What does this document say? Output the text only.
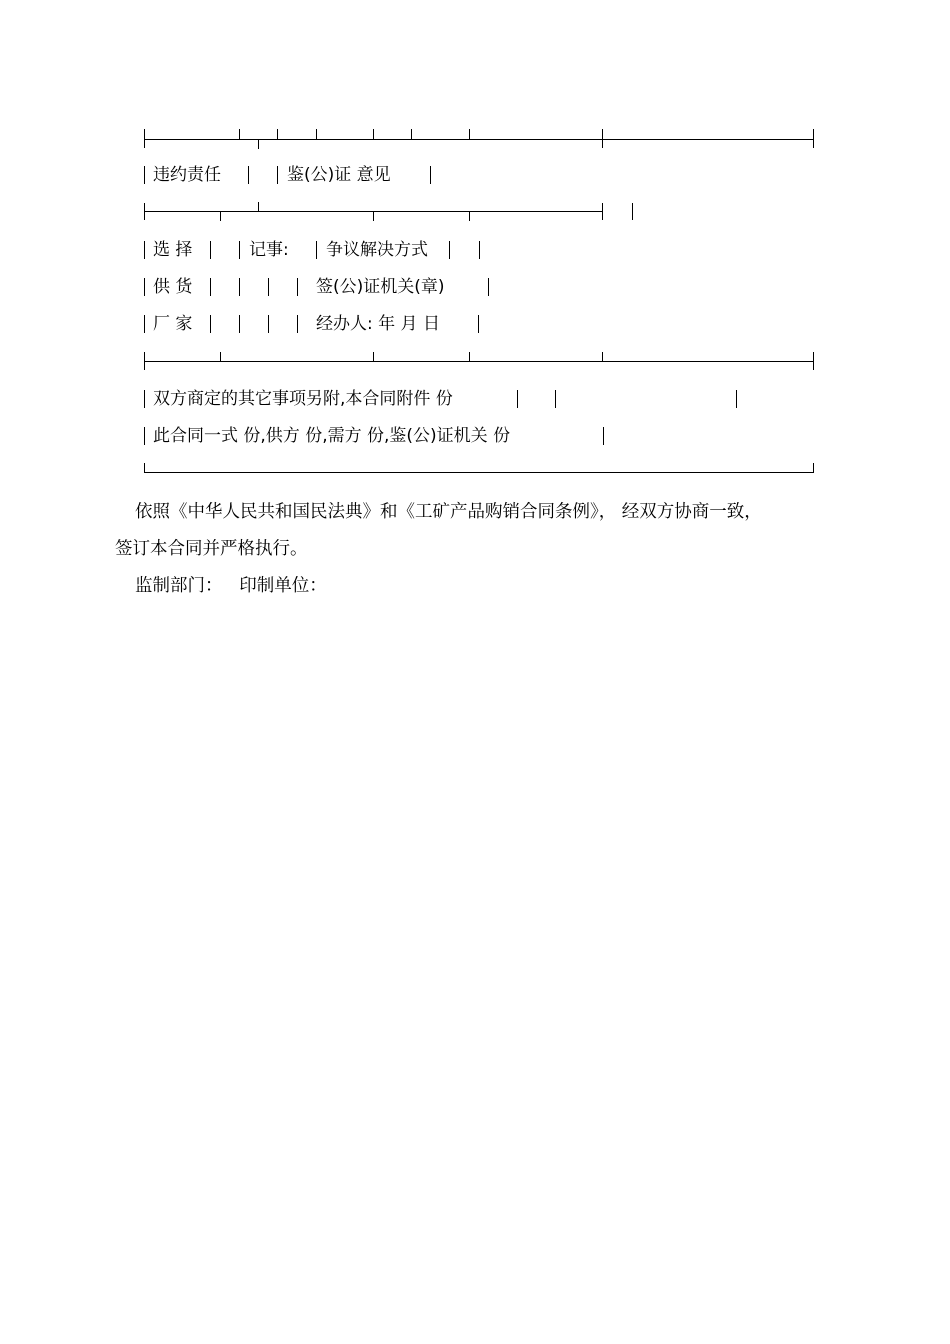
违约责任	鉴(公)证 意见
选 择	记事: 争议解决方式
供 货	签(公)证机关(章)
厂 家	经办人: 年 月 日
双方商定的其它事项另附,本合同附件 份
此合同一式 份,供方 份,需方 份,鉴(公)证机关 份
依照《中华人民共和国民法典》和《工矿产品购销合同条例》， 经双方协商一致，
签订本合同并严格执行。
监制部门：   印制单位：
